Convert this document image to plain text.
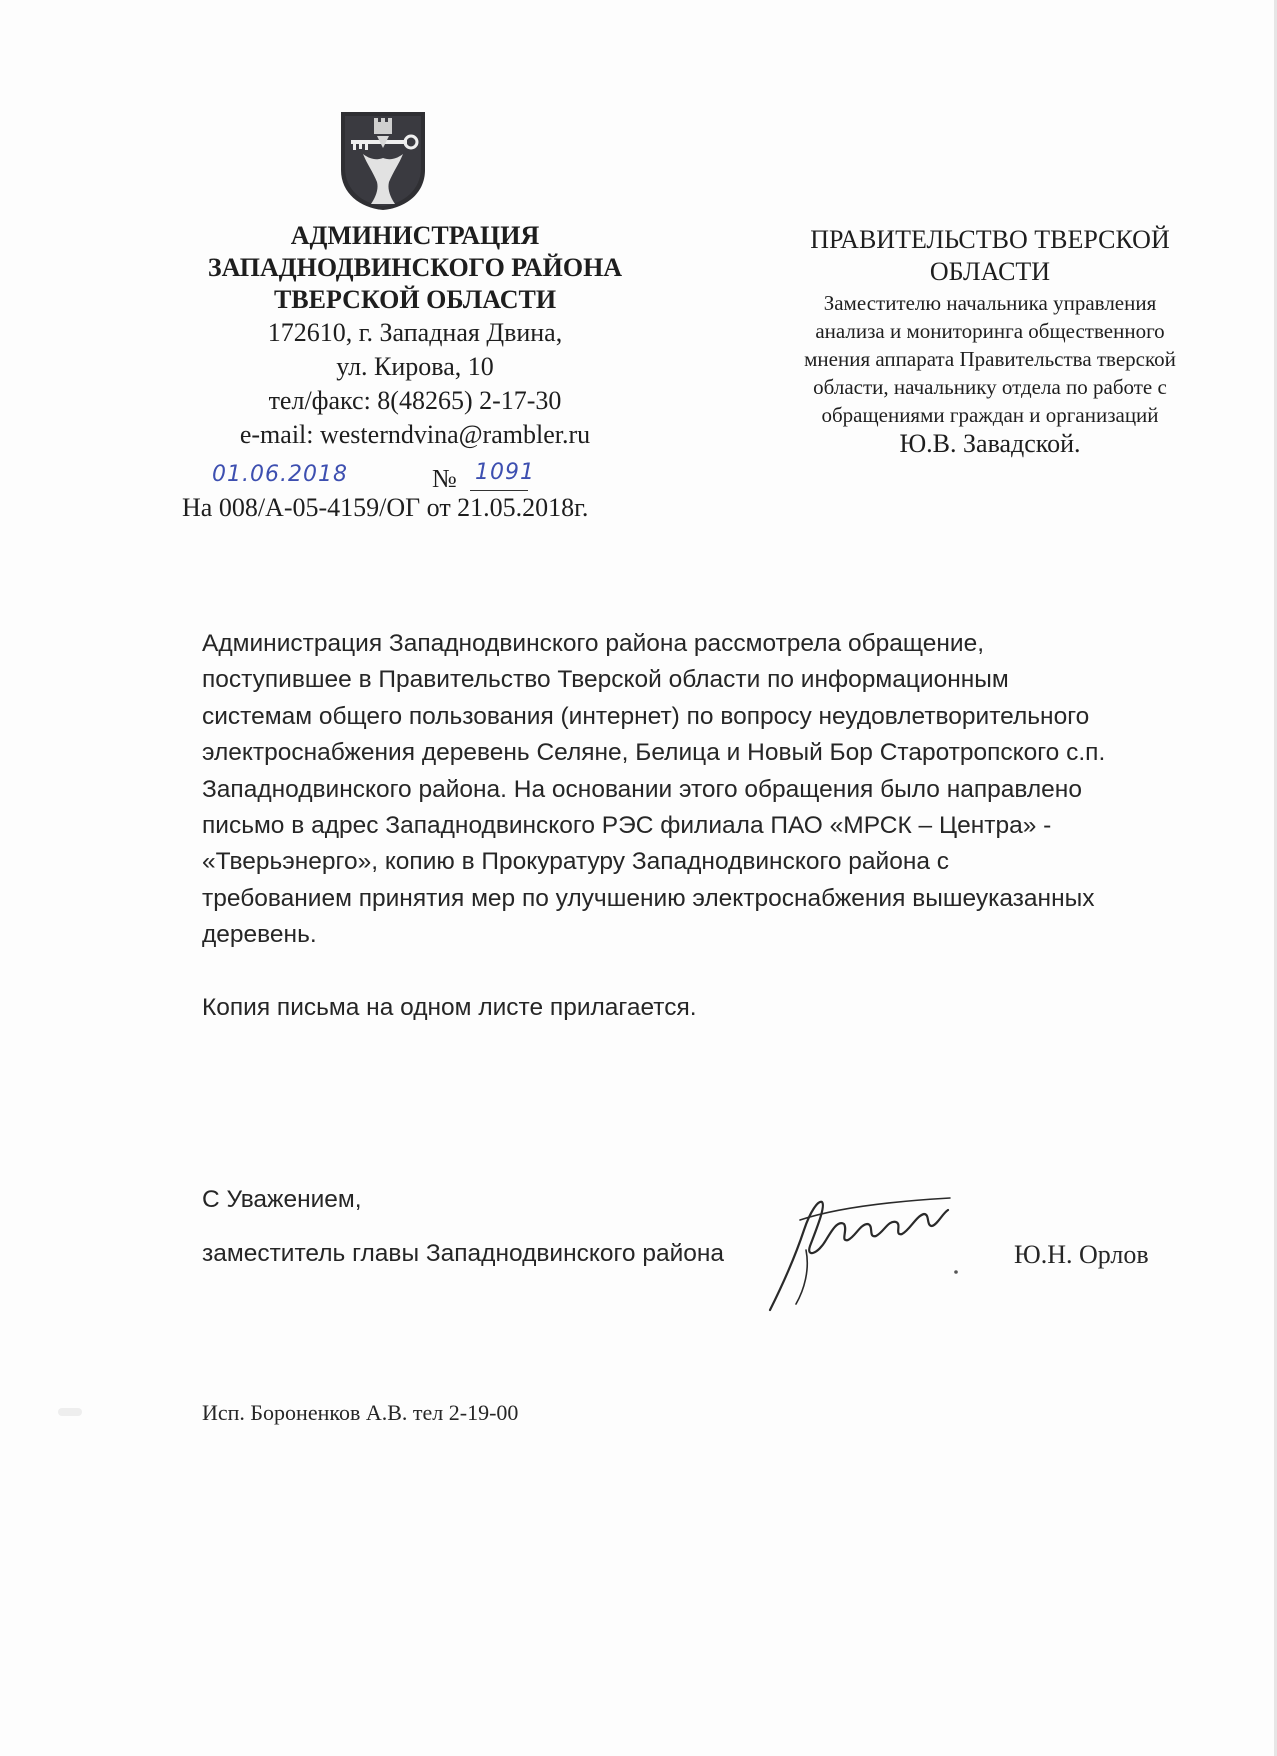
АДМИНИСТРАЦИЯ
ЗАПАДНОДВИНСКОГО РАЙОНА
ТВЕРСКОЙ ОБЛАСТИ
172610, г. Западная Двина,
ул. Кирова, 10
тел/факс: 8(48265) 2-17-30
e-mail: westerndvina@rambler.ru
01.06.2018	№ 1091
На 008/А-05-4159/ОГ от 21.05.2018г.
ПРАВИТЕЛЬСТВО ТВЕРСКОЙ
ОБЛАСТИ
Заместителю начальника управления
анализа и мониторинга общественного
мнения аппарата Правительства тверской
области, начальнику отдела по работе с
обращениями граждан и организаций
Ю.В. Завадской.
Администрация Западнодвинского района рассмотрела обращение,
поступившее в Правительство Тверской области по информационным
системам общего пользования (интернет) по вопросу неудовлетворительного
электроснабжения деревень Селяне, Белица и Новый Бор Старотропского с.п.
Западнодвинского района. На основании этого обращения было направлено
письмо в адрес Западнодвинского РЭС филиала ПАО «МРСК – Центра» -
«Тверьэнерго», копию в Прокуратуру Западнодвинского района с
требованием принятия мер по улучшению электроснабжения вышеуказанных
деревень.
Копия письма на одном листе прилагается.
С Уважением,
заместитель главы Западнодвинского района	Ю.Н. Орлов
Исп. Бороненков А.В. тел 2-19-00
